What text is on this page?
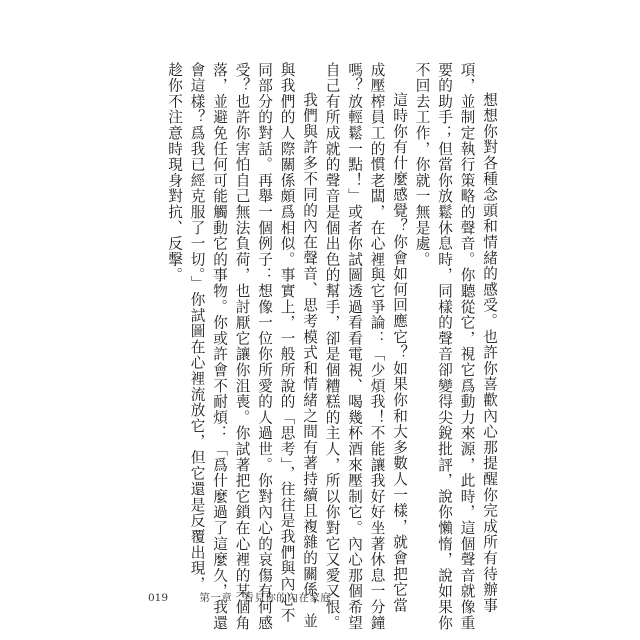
想想你對各種念頭和情緒的感受。也許你喜歡內心那提醒你完成所有待辦事
項，並制定執行策略的聲音。你聽從它，視它爲動力來源，此時，這個聲音就像重
要的助手；但當你放鬆休息時，同樣的聲音卻變得尖銳批評，說你懶惰，說如果你
不回去工作，你就一無是處。
這時你有什麼感覺？你會如何回應它？如果你和大多數人一樣，就會把它當
成壓榨員工的慣老闆，在心裡與它爭論：「少煩我！不能讓我好好坐著休息一分鐘
嗎？放輕鬆一點！」或者你試圖透過看看電視、喝幾杯酒來壓制它。內心那個希望
自己有所成就的聲音是個出色的幫手，卻是個糟糕的主人，所以你對它又愛又恨。
我們與許多不同的內在聲音、思考模式和情緒之間有著持續且複雜的關係，並
與我們的人際關係頗爲相似。事實上，一般所說的「思考」，往往是我們與內心不
同部分的對話。再舉一個例子：想像一位你所愛的人過世。你對內心的哀傷有何感
受？也許你害怕自己無法負荷，也討厭它讓你沮喪。你試著把它鎖在心裡的某個角
落，並避免任何可能觸動它的事物。你或許會不耐煩：「爲什麼過了這麼久，我還
會這樣？爲我已經克服了一切。」你試圖在心裡流放它，但它還是反覆出現，
趁你不注意時現身對抗、反擊。
019	第一章　看見你的內在家庭
